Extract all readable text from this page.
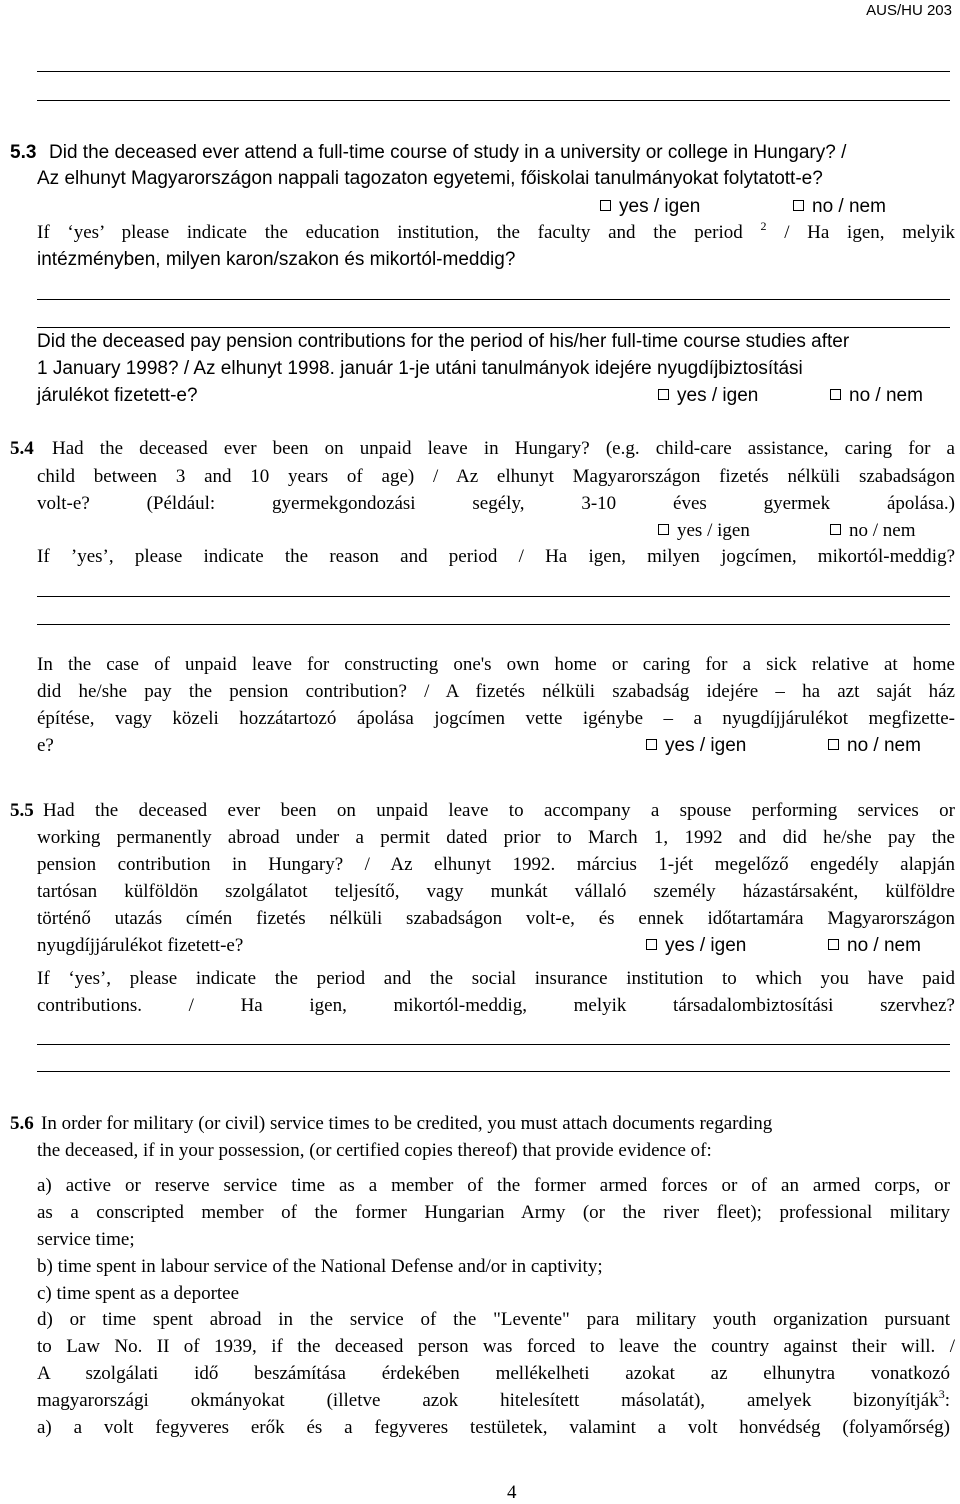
AUS/HU 203
5.3 Did the deceased ever attend a full-time course of study in a university or college in Hungary? /
Az elhunyt Magyarországon nappali tagozaton egyetemi, főiskolai tanulmányokat folytatott-e?
yes / igen	no / nem
If ‘yes’ please indicate the education institution, the faculty and the period $^2$ / Ha igen, melyik
intézményben, milyen karon/szakon és mikortól-meddig?
Did the deceased pay pension contributions for the period of his/her full-time course studies after
1 January 1998? / Az elhunyt 1998. január 1-je utáni tanulmányok idejére nyugdíjbiztosítási
járulékot fizetett-e?	yes / igen	no / nem
5.4 Had the deceased ever been on unpaid leave in Hungary? (e.g. child-care assistance, caring for a
child between 3 and 10 years of age) / Az elhunyt Magyarországon fizetés nélküli szabadságon
volt-e? (Például: gyermekgondozási segély, 3-10 éves gyermek ápolása.)
yes / igen	no / nem
If ’yes’, please indicate the reason and period / Ha igen, milyen jogcímen, mikortól-meddig?
In the case of unpaid leave for constructing one's own home or caring for a sick relative at home
did he/she pay the pension contribution? / A fizetés nélküli szabadság idejére – ha azt saját ház
építése, vagy közeli hozzátartozó ápolása jogcímen vette igénybe – a nyugdíjjárulékot megfizette-
e?	yes / igen	no / nem
5.5 Had the deceased ever been on unpaid leave to accompany a spouse performing services or
working permanently abroad under a permit dated prior to March 1, 1992 and did he/she pay the
pension contribution in Hungary? / Az elhunyt 1992. március 1-jét megelőző engedély alapján
tartósan külföldön szolgálatot teljesítő, vagy munkát vállaló személy házastársaként, külföldre
történő utazás címén fizetés nélküli szabadságon volt-e, és ennek időtartamára Magyarországon
nyugdíjjárulékot fizetett-e?	yes / igen	no / nem
If ‘yes’, please indicate the period and the social insurance institution to which you have paid
contributions. / Ha igen, mikortól-meddig, melyik társadalombiztosítási szervhez?
5.6 In order for military (or civil) service times to be credited, you must attach documents regarding
the deceased, if in your possession, (or certified copies thereof) that provide evidence of:
a) active or reserve service time as a member of the former armed forces or of an armed corps, or
as a conscripted member of the former Hungarian Army (or the river fleet); professional military
service time;
b) time spent in labour service of the National Defense and/or in captivity;
c) time spent as a deportee
d) or time spent abroad in the service of the "Levente" para military youth organization pursuant
to Law No. II of 1939, if the deceased person was forced to leave the country against their will. /
A szolgálati idő beszámítása érdekében mellékelheti azokat az elhunytra vonatkozó
magyarországi okmányokat (illetve azok hitelesített másolatát), amelyek bizonyítják$^3$:
a) a volt fegyveres erők és a fegyveres testületek, valamint a volt honvédség (folyamőrség)
4
